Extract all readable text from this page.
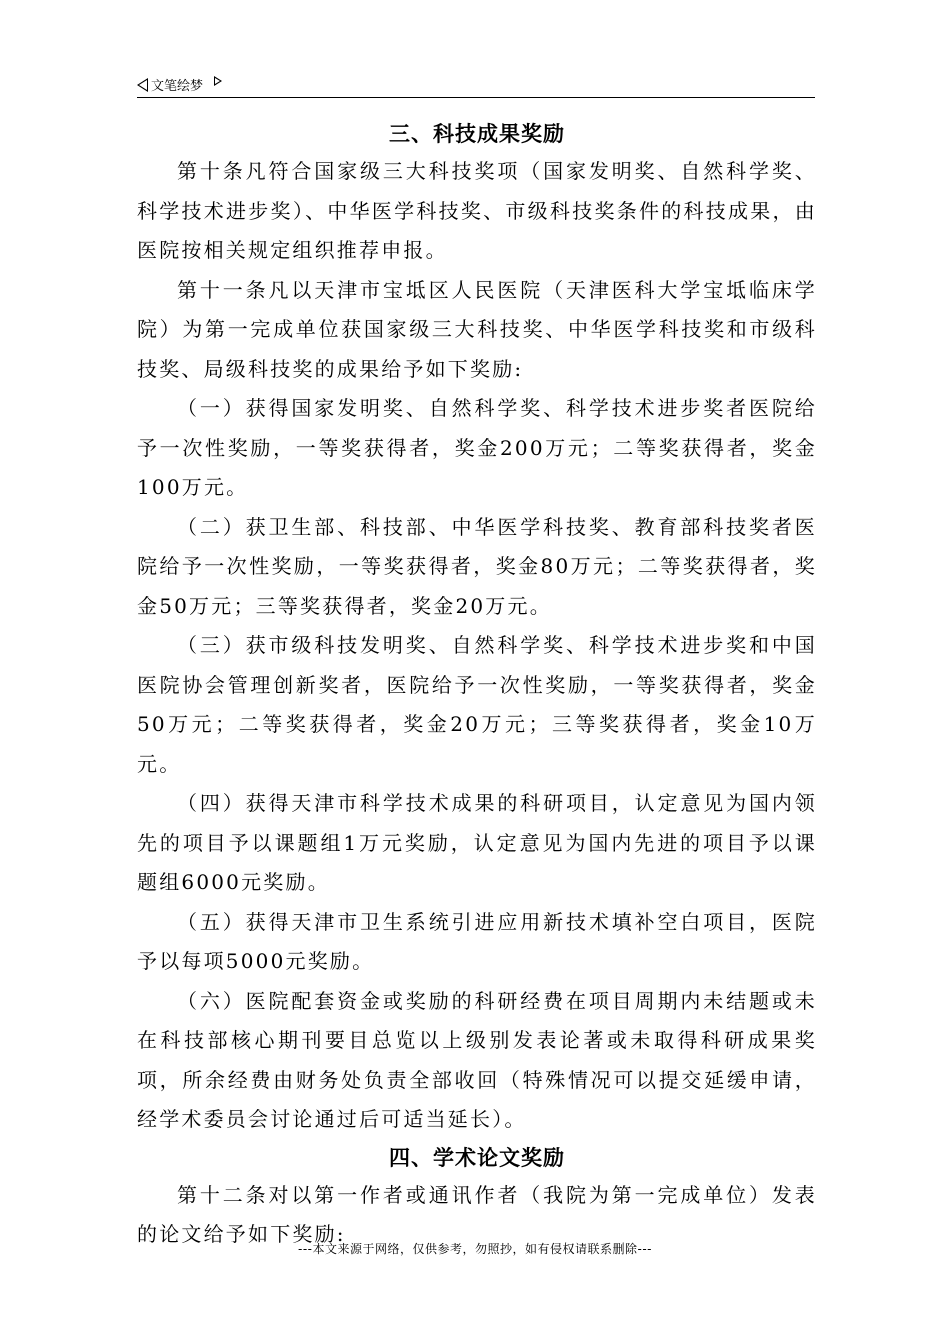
文笔绘梦
三、科技成果奖励

第十条凡符合国家级三大科技奖项（国家发明奖、自然科学奖、科学技术进步奖）、中华医学科技奖、市级科技奖条件的科技成果，由医院按相关规定组织推荐申报。

第十一条凡以天津市宝坻区人民医院（天津医科大学宝坻临床学院）为第一完成单位获国家级三大科技奖、中华医学科技奖和市级科技奖、局级科技奖的成果给予如下奖励:

（一）获得国家发明奖、自然科学奖、科学技术进步奖者医院给予一次性奖励，一等奖获得者，奖金200万元；二等奖获得者，奖金100万元。

（二）获卫生部、科技部、中华医学科技奖、教育部科技奖者医院给予一次性奖励，一等奖获得者，奖金80万元；二等奖获得者，奖金50万元；三等奖获得者，奖金20万元。

（三）获市级科技发明奖、自然科学奖、科学技术进步奖和中国医院协会管理创新奖者，医院给予一次性奖励，一等奖获得者，奖金50万元；二等奖获得者，奖金20万元；三等奖获得者，奖金10万元。

（四）获得天津市科学技术成果的科研项目，认定意见为国内领先的项目予以课题组1万元奖励，认定意见为国内先进的项目予以课题组6000元奖励。

（五）获得天津市卫生系统引进应用新技术填补空白项目，医院予以每项5000元奖励。

（六）医院配套资金或奖励的科研经费在项目周期内未结题或未在科技部核心期刊要目总览以上级别发表论著或未取得科研成果奖项，所余经费由财务处负责全部收回（特殊情况可以提交延缓申请，经学术委员会讨论通过后可适当延长）。

四、学术论文奖励

第十二条对以第一作者或通讯作者（我院为第一完成单位）发表的论文给予如下奖励:

---本文来源于网络，仅供参考，勿照抄，如有侵权请联系删除---
